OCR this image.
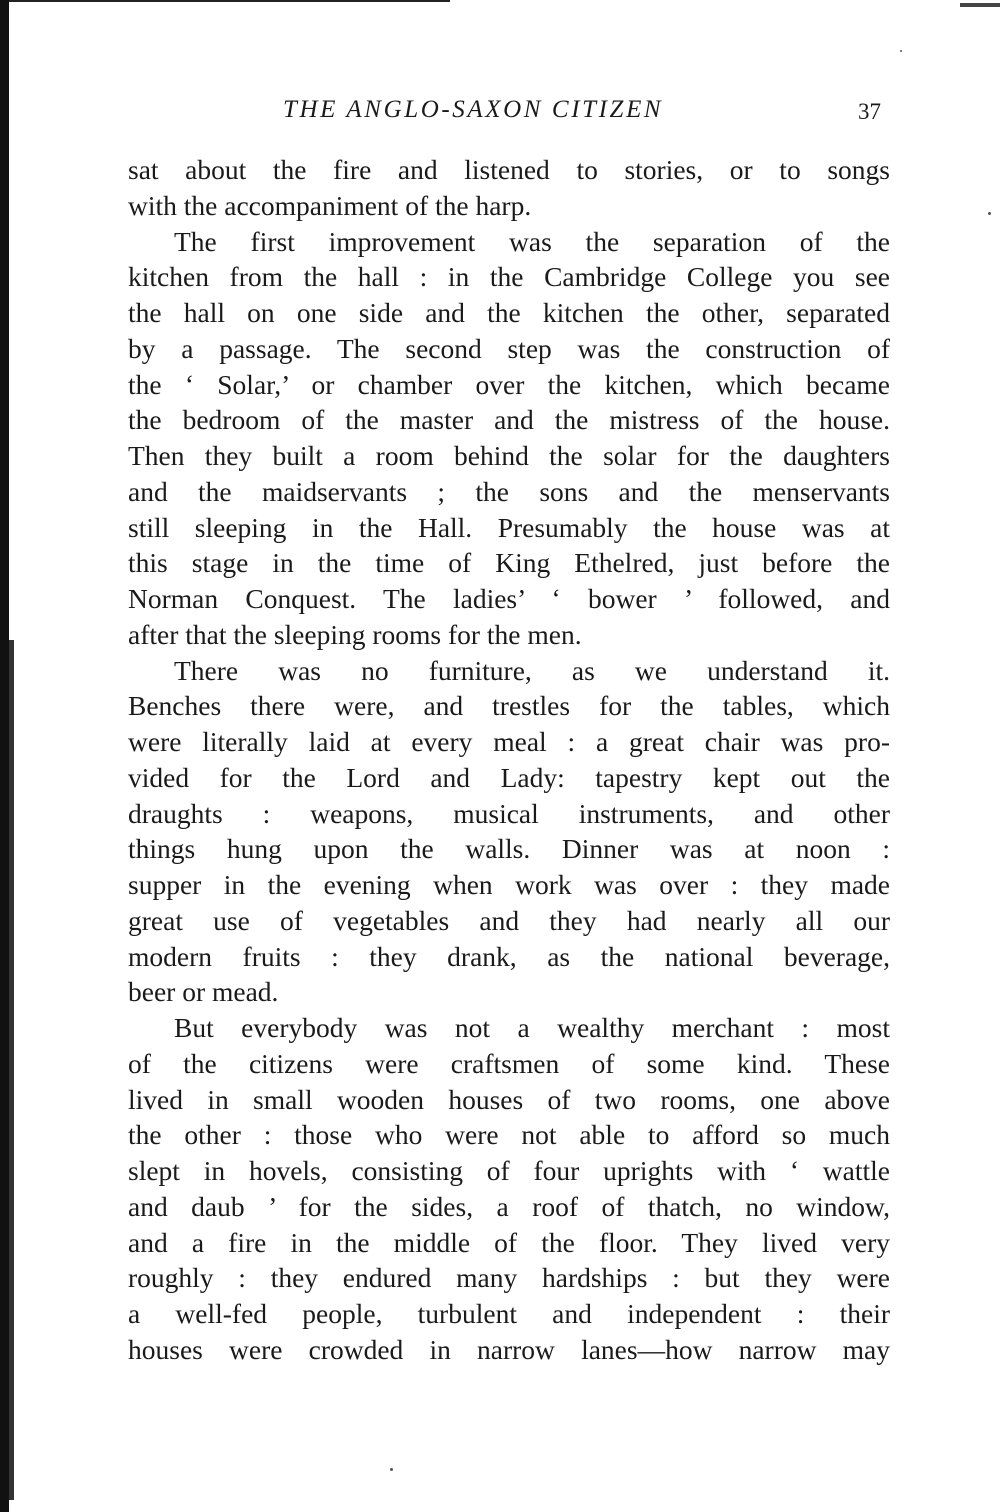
THE ANGLO-SAXON CITIZEN	37
sat about the fire and listened to stories, or to songs
with the accompaniment of the harp.
The first improvement was the separation of the
kitchen from the hall : in the Cambridge College you see
the hall on one side and the kitchen the other, separated
by a passage. The second step was the construction of
the ‘ Solar,’ or chamber over the kitchen, which became
the bedroom of the master and the mistress of the house.
Then they built a room behind the solar for the daughters
and the maidservants ; the sons and the menservants
still sleeping in the Hall. Presumably the house was at
this stage in the time of King Ethelred, just before the
Norman Conquest. The ladies’ ‘ bower ’ followed, and
after that the sleeping rooms for the men.
There was no furniture, as we understand it.
Benches there were, and trestles for the tables, which
were literally laid at every meal : a great chair was pro-
vided for the Lord and Lady: tapestry kept out the
draughts : weapons, musical instruments, and other
things hung upon the walls. Dinner was at noon :
supper in the evening when work was over : they made
great use of vegetables and they had nearly all our
modern fruits : they drank, as the national beverage,
beer or mead.
But everybody was not a wealthy merchant : most
of the citizens were craftsmen of some kind. These
lived in small wooden houses of two rooms, one above
the other : those who were not able to afford so much
slept in hovels, consisting of four uprights with ‘ wattle
and daub ’ for the sides, a roof of thatch, no window,
and a fire in the middle of the floor. They lived very
roughly : they endured many hardships : but they were
a well-fed people, turbulent and independent : their
houses were crowded in narrow lanes—how narrow may
